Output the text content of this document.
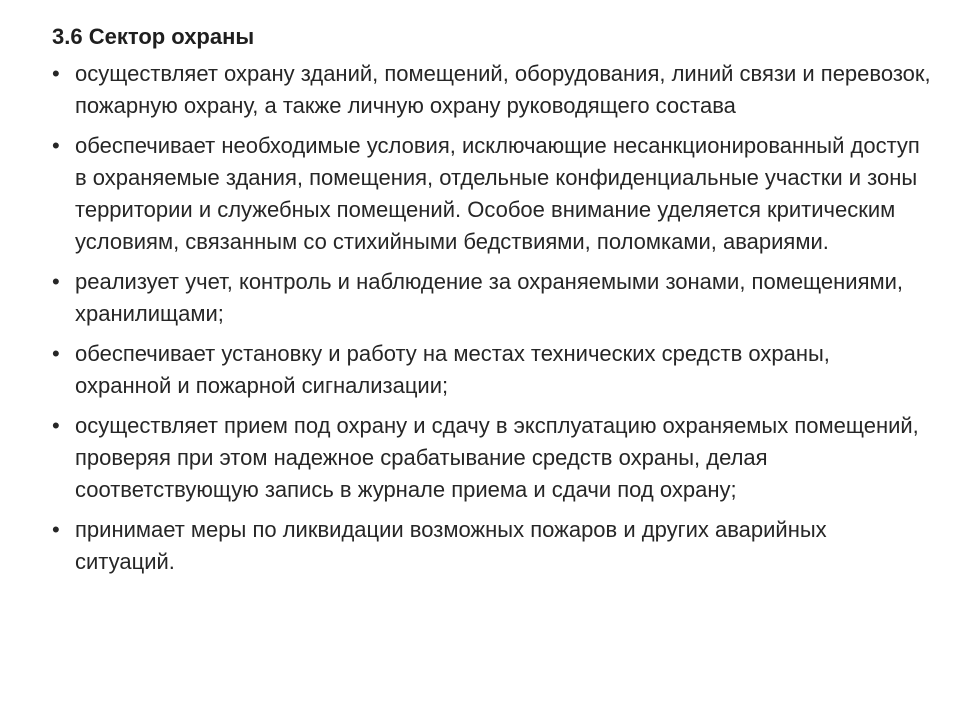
3.6 Сектор охраны
• осуществляет охрану зданий, помещений, оборудования, линий связи и перевозок, пожарную охрану, а также личную охрану руководящего состава
• обеспечивает необходимые условия, исключающие несанкционированный доступ в охраняемые здания, помещения, отдельные конфиденциальные участки и зоны территории и служебных помещений. Особое внимание уделяется критическим условиям, связанным со стихийными бедствиями, поломками, авариями.
• реализует учет, контроль и наблюдение за охраняемыми зонами, помещениями, хранилищами;
• обеспечивает установку и работу на местах технических средств охраны, охранной и пожарной сигнализации;
• осуществляет прием под охрану и сдачу в эксплуатацию охраняемых помещений, проверяя при этом надежное срабатывание средств охраны, делая соответствующую запись в журнале приема и сдачи под охрану;
• принимает меры по ликвидации возможных пожаров и других аварийных ситуаций.
